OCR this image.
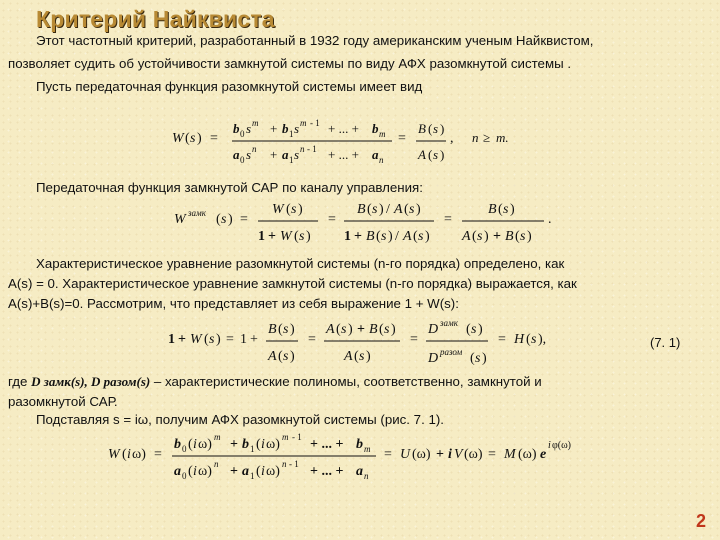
Критерий Найквиста
Этот частотный критерий, разработанный в 1932 году американским ученым Найквистом,
позволяет судить об устойчивости замкнутой системы по виду АФХ разомкнутой системы .
Пусть передаточная функция разомкнутой системы имеет вид
W ( s ) =
b 0 s m + b 1 s m - 1 + ... + b m
a 0 s n + a 1 s n - 1 + ... + a n
=
B ( s )
A ( s )
, n ≥ m.
Передаточная функция замкнутой САР по каналу управления:
W замк ( s ) =
W ( s )
1 + W ( s )
=
B ( s ) / A ( s )
1 + B ( s ) / A ( s )
=
B ( s )
A ( s ) + B ( s )
.
Характеристическое уравнение разомкнутой системы (n-го порядка) определено, как
A(s) = 0. Характеристическое уравнение замкнутой системы (n-го порядка) выражается, как
A(s)+B(s)=0. Рассмотрим, что представляет из себя выражение 1 + W(s):
1 + W ( s ) = 1 +
B ( s )
A ( s )
=
A ( s ) + B ( s )
A ( s )
=
D замк ( s )
D разом ( s )
= H ( s ),	(7. 1)
где D замк(s), D разом(s) – характеристические полиномы, соответственно, замкнутой и
разомкнутой САР.
Подставляя s = iω, получим АФХ разомкнутой системы (рис. 7. 1).
W ( i ω) =
b 0 ( i ω) m + b 1 ( i ω) m - 1 + ... + b m
a 0 ( i ω) n + a 1 ( i ω) n - 1 + ... + a n
= U (ω) + i V (ω) = M (ω) e
i φ(ω)
2
